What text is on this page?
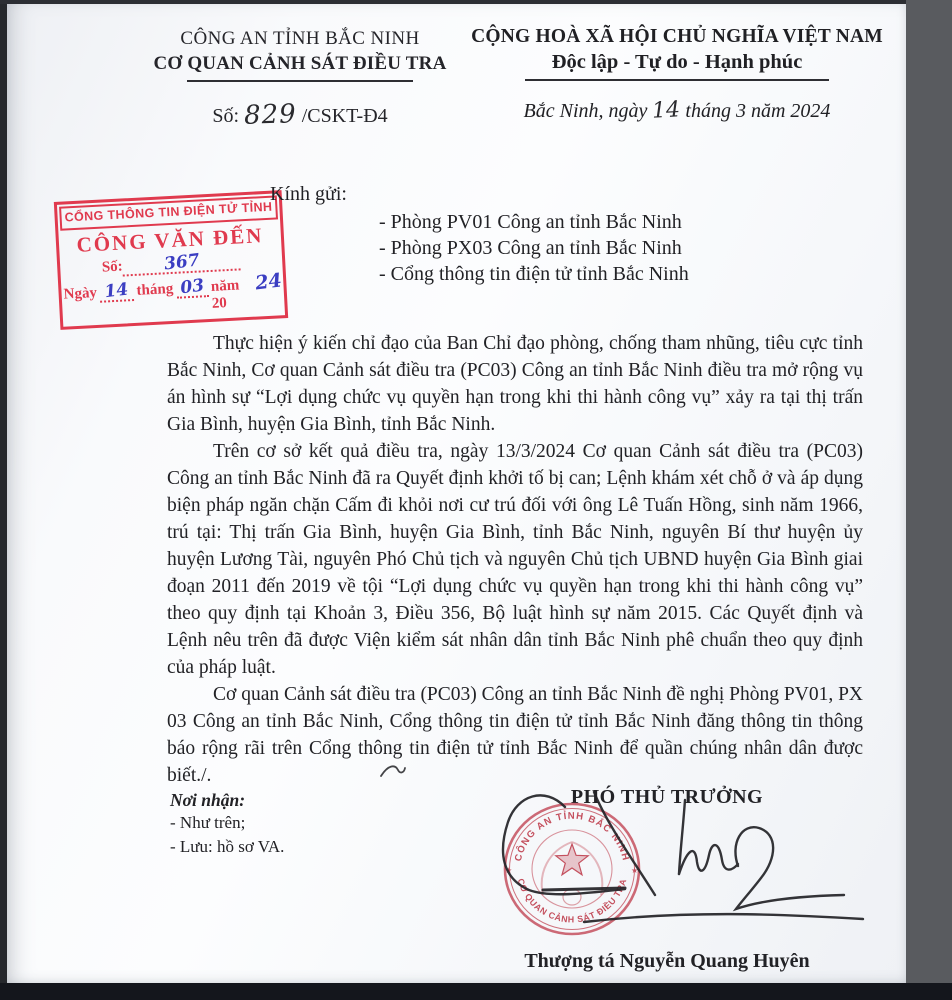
CÔNG AN TỈNH BẮC NINH
CƠ QUAN CẢNH SÁT ĐIỀU TRA
Số: 829 /CSKT-Đ4
CỘNG HOÀ XÃ HỘI CHỦ NGHĨA VIỆT NAM
Độc lập - Tự do - Hạnh phúc
Bắc Ninh, ngày 14 tháng 3 năm 2024
CỔNG THÔNG TIN ĐIỆN TỬ TỈNH
CÔNG VĂN ĐẾN
Số:	367
Ngày 14 tháng 03 năm 20
24
Kính gửi:
- Phòng PV01 Công an tỉnh Bắc Ninh
- Phòng PX03 Công an tỉnh Bắc Ninh
- Cổng thông tin điện tử tỉnh Bắc Ninh

Thực hiện ý kiến chỉ đạo của Ban Chỉ đạo phòng, chống tham nhũng, tiêu cực tỉnh Bắc Ninh, Cơ quan Cảnh sát điều tra (PC03) Công an tỉnh Bắc Ninh điều tra mở rộng vụ án hình sự “Lợi dụng chức vụ quyền hạn trong khi thi hành công vụ” xảy ra tại thị trấn Gia Bình, huyện Gia Bình, tỉnh Bắc Ninh.

Trên cơ sở kết quả điều tra, ngày 13/3/2024 Cơ quan Cảnh sát điều tra (PC03) Công an tỉnh Bắc Ninh đã ra Quyết định khởi tố bị can; Lệnh khám xét chỗ ở và áp dụng biện pháp ngăn chặn Cấm đi khỏi nơi cư trú đối với ông Lê Tuấn Hồng, sinh năm 1966, trú tại: Thị trấn Gia Bình, huyện Gia Bình, tỉnh Bắc Ninh, nguyên Bí thư huyện ủy huyện Lương Tài, nguyên Phó Chủ tịch và nguyên Chủ tịch UBND huyện Gia Bình giai đoạn 2011 đến 2019 về tội “Lợi dụng chức vụ quyền hạn trong khi thi hành công vụ” theo quy định tại Khoản 3, Điều 356, Bộ luật hình sự năm 2015. Các Quyết định và Lệnh nêu trên đã được Viện kiểm sát nhân dân tỉnh Bắc Ninh phê chuẩn theo quy định của pháp luật.

Cơ quan Cảnh sát điều tra (PC03) Công an tỉnh Bắc Ninh đề nghị Phòng PV01, PX 03 Công an tỉnh Bắc Ninh, Cổng thông tin điện tử tỉnh Bắc Ninh đăng thông tin thông báo rộng rãi trên Cổng thông tin điện tử tỉnh Bắc Ninh để quần chúng nhân dân được biết./.

Nơi nhận:
- Như trên;
- Lưu: hồ sơ VA.
PHÓ THỦ TRƯỞNG
CÔNG AN TỈNH BẮC NINH
CƠ QUAN CẢNH SÁT ĐIỀU TRA
★	★
Thượng tá Nguyễn Quang Huyên
